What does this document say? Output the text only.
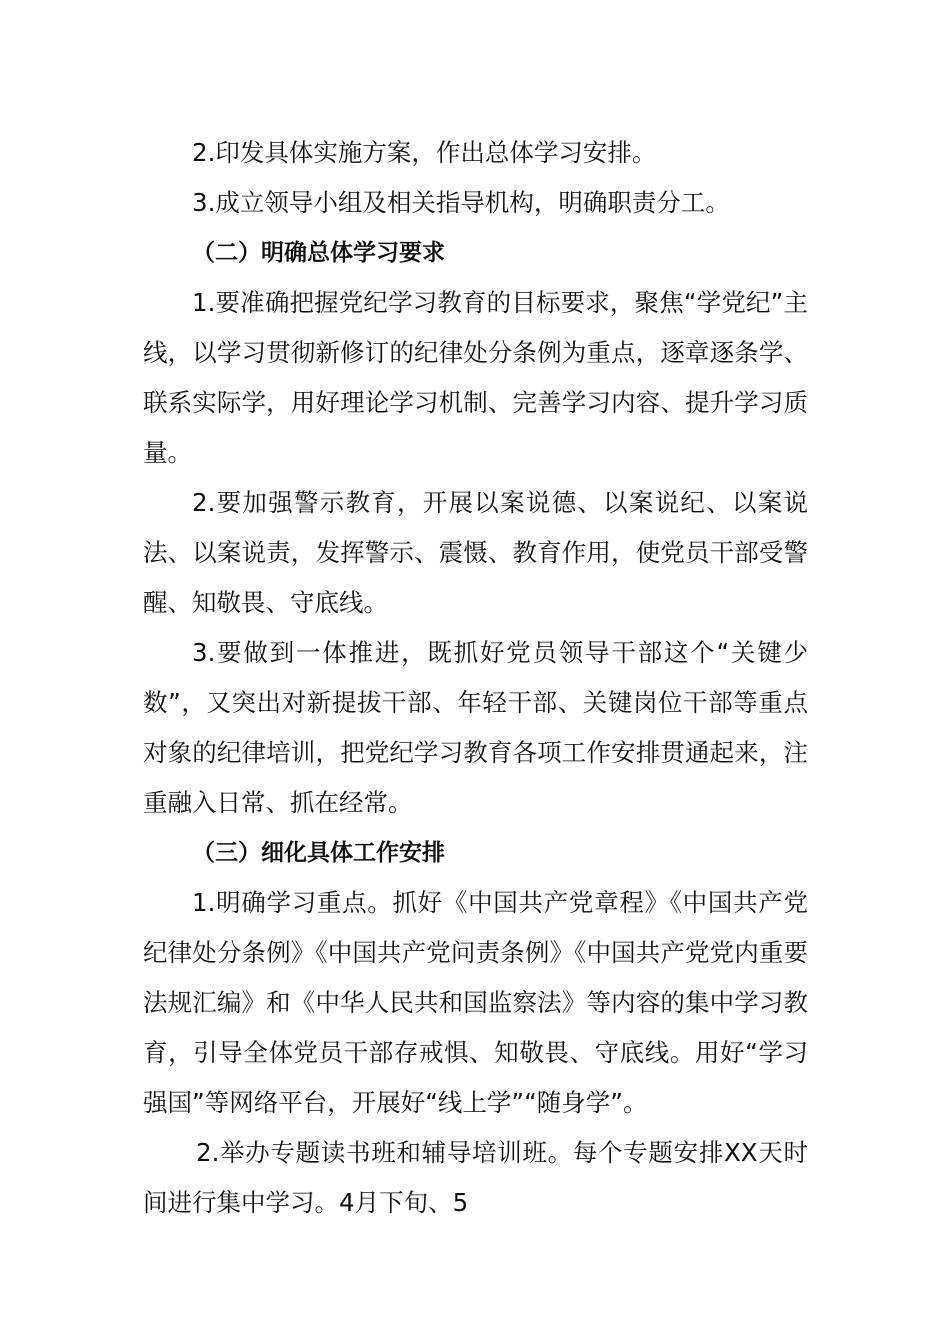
2.印发具体实施方案，作出总体学习安排。

3.成立领导小组及相关指导机构，明确职责分工。

（二）明确总体学习要求

1.要准确把握党纪学习教育的目标要求，聚焦“学党纪”主线，以学习贯彻新修订的纪律处分条例为重点，逐章逐条学、联系实际学，用好理论学习机制、完善学习内容、提升学习质量。

2.要加强警示教育，开展以案说德、以案说纪、以案说法、以案说责，发挥警示、震慑、教育作用，使党员干部受警醒、知敬畏、守底线。

3.要做到一体推进，既抓好党员领导干部这个“关键少数”，又突出对新提拔干部、年轻干部、关键岗位干部等重点对象的纪律培训，把党纪学习教育各项工作安排贯通起来，注重融入日常、抓在经常。

（三）细化具体工作安排

1.明确学习重点。抓好《中国共产党章程》《中国共产党纪律处分条例》《中国共产党问责条例》《中国共产党党内重要法规汇编》和《中华人民共和国监察法》等内容的集中学习教育，引导全体党员干部存戒惧、知敬畏、守底线。用好“学习强国”等网络平台，开展好“线上学”“随身学”。

2.举办专题读书班和辅导培训班。每个专题安排XX天时间进行集中学习。4月下旬、5
